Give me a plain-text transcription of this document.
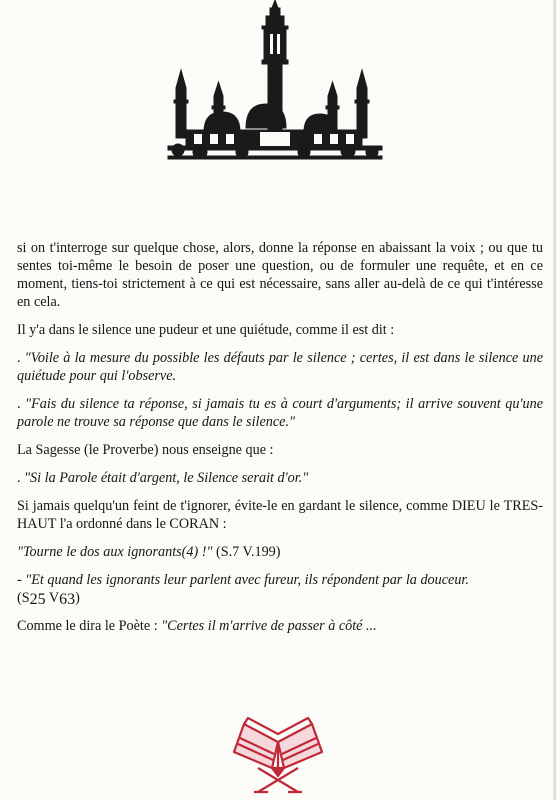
si on t'interroge sur quelque chose, alors, donne la réponse en abaissant la voix ; ou que tu sentes toi-même le besoin de poser une question, ou de formuler une requête, et en ce moment, tiens-toi strictement à ce qui est nécessaire, sans aller au-delà de ce qui t'intéresse en cela.

Il y'a dans le silence une pudeur et une quiétude, comme il est dit :

. "Voile à la mesure du possible les défauts par le silence ; certes, il est dans le silence une quiétude pour qui l'observe.

. "Fais du silence ta réponse, si jamais tu es à court d'arguments; il arrive souvent qu'une parole ne trouve sa réponse que dans le silence."

La Sagesse (le Proverbe) nous enseigne que :

. "Si la Parole était d'argent, le Silence serait d'or."

Si jamais quelqu'un feint de t'ignorer, évite-le en gardant le silence, comme DIEU le TRES-HAUT l'a ordonné dans le CORAN :

"Tourne le dos aux ignorants(4) !" (S.7 V.199)

- "Et quand les ignorants leur parlent avec fureur, ils répondent par la douceur.
(S25 V63)

Comme le dira le Poète : "Certes il m'arrive de passer à côté ...
